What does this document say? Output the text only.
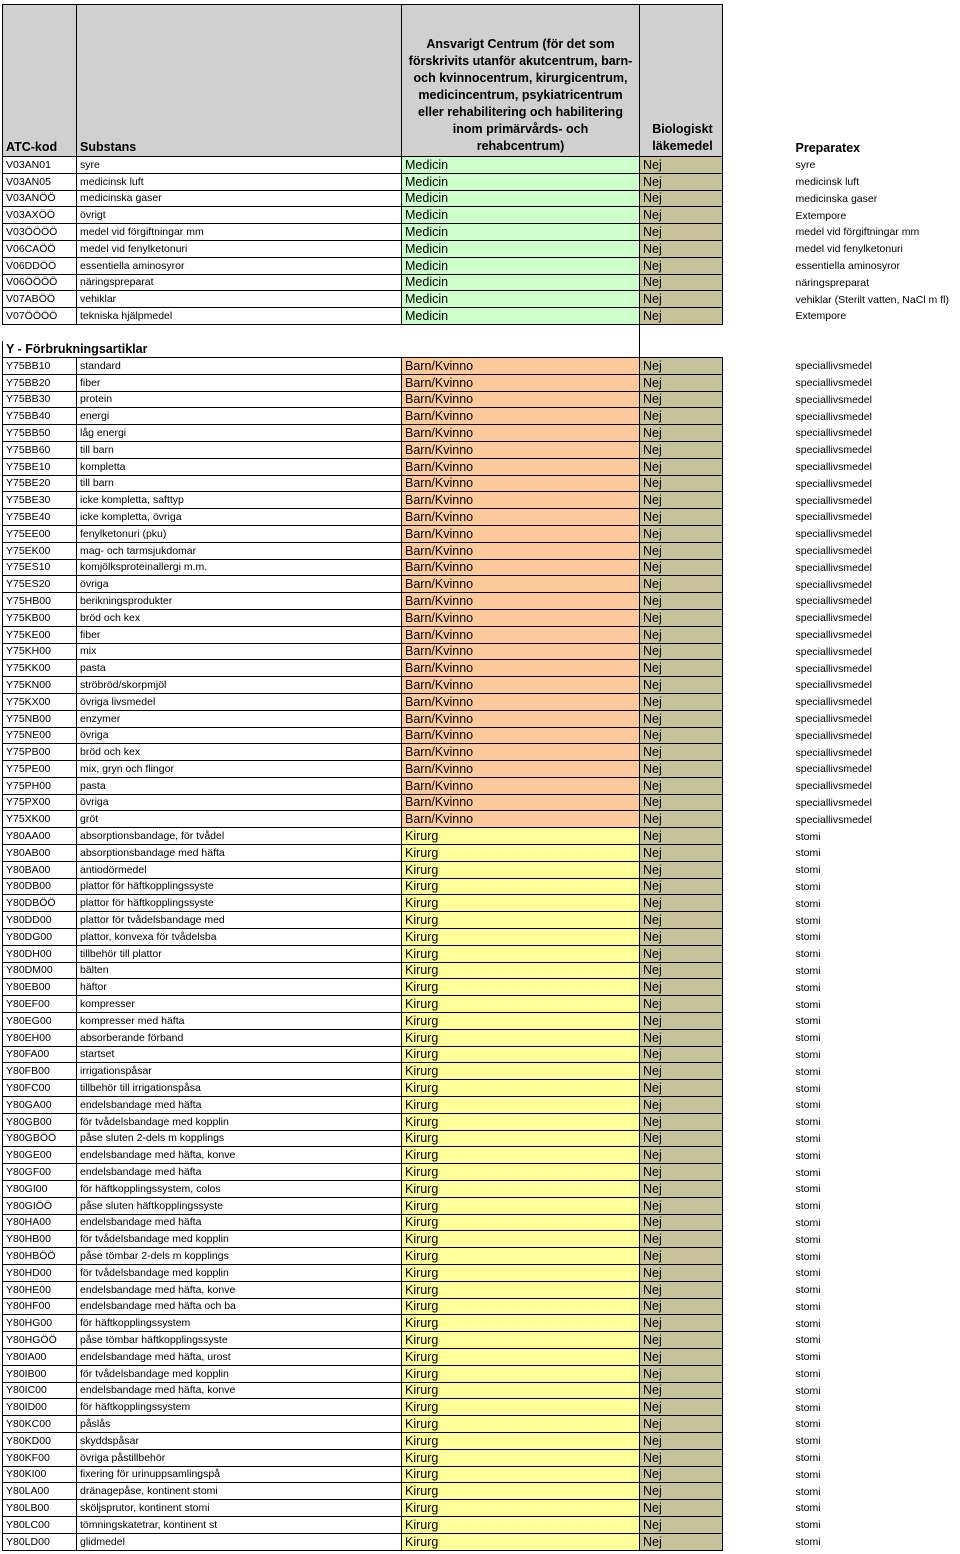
ATC-kod	Substans	Ansvarigt Centrum (för det som förskrivits utanför akutcentrum, barn- och kvinnocentrum, kirurgicentrum, medicincentrum, psykiatricentrum eller rehabilitering och habilitering inom primärvårds- och rehabcentrum)	Biologiskt läkemedel		Preparatex
V03AN01	syre	Medicin	Nej		syre
V03AN05	medicinsk luft	Medicin	Nej		medicinsk luft
V03ANÖÖ	medicinska gaser	Medicin	Nej		medicinska gaser
V03AXÖÖ	övrigt	Medicin	Nej		Extempore
V03ÖÖÖÖ	medel vid förgiftningar mm	Medicin	Nej		medel vid förgiftningar mm
V06CAÖÖ	medel vid fenylketonuri	Medicin	Nej		medel vid fenylketonuri
V06DDÖÖ	essentiella aminosyror	Medicin	Nej		essentiella aminosyror
V06ÖÖÖÖ	näringspreparat	Medicin	Nej		näringspreparat
V07ABÖÖ	vehiklar	Medicin	Nej		vehiklar (Sterilt vatten, NaCl m fl)
V07ÖÖÖÖ	tekniska hjälpmedel	Medicin	Nej		Extempore

Y - Förbrukningsartiklar					
Y75BB10	standard	Barn/Kvinno	Nej		speciallivsmedel
Y75BB20	fiber	Barn/Kvinno	Nej		speciallivsmedel
Y75BB30	protein	Barn/Kvinno	Nej		speciallivsmedel
Y75BB40	energi	Barn/Kvinno	Nej		speciallivsmedel
Y75BB50	låg energi	Barn/Kvinno	Nej		speciallivsmedel
Y75BB60	till barn	Barn/Kvinno	Nej		speciallivsmedel
Y75BE10	kompletta	Barn/Kvinno	Nej		speciallivsmedel
Y75BE20	till barn	Barn/Kvinno	Nej		speciallivsmedel
Y75BE30	icke kompletta, safttyp	Barn/Kvinno	Nej		speciallivsmedel
Y75BE40	icke kompletta, övriga	Barn/Kvinno	Nej		speciallivsmedel
Y75EE00	fenylketonuri (pku)	Barn/Kvinno	Nej		speciallivsmedel
Y75EK00	mag- och tarmsjukdomar	Barn/Kvinno	Nej		speciallivsmedel
Y75ES10	komjölksproteinallergi m.m.	Barn/Kvinno	Nej		speciallivsmedel
Y75ES20	övriga	Barn/Kvinno	Nej		speciallivsmedel
Y75HB00	berikningsprodukter	Barn/Kvinno	Nej		speciallivsmedel
Y75KB00	bröd och kex	Barn/Kvinno	Nej		speciallivsmedel
Y75KE00	fiber	Barn/Kvinno	Nej		speciallivsmedel
Y75KH00	mix	Barn/Kvinno	Nej		speciallivsmedel
Y75KK00	pasta	Barn/Kvinno	Nej		speciallivsmedel
Y75KN00	ströbröd/skorpmjöl	Barn/Kvinno	Nej		speciallivsmedel
Y75KX00	övriga livsmedel	Barn/Kvinno	Nej		speciallivsmedel
Y75NB00	enzymer	Barn/Kvinno	Nej		speciallivsmedel
Y75NE00	övriga	Barn/Kvinno	Nej		speciallivsmedel
Y75PB00	bröd och kex	Barn/Kvinno	Nej		speciallivsmedel
Y75PE00	mix, gryn och flingor	Barn/Kvinno	Nej		speciallivsmedel
Y75PH00	pasta	Barn/Kvinno	Nej		speciallivsmedel
Y75PX00	övriga	Barn/Kvinno	Nej		speciallivsmedel
Y75XK00	gröt	Barn/Kvinno	Nej		speciallivsmedel
Y80AA00	absorptionsbandage, för tvådel	Kirurg	Nej		stomi
Y80AB00	absorptionsbandage med häfta	Kirurg	Nej		stomi
Y80BA00	antiodörmedel	Kirurg	Nej		stomi
Y80DB00	plattor för häftkopplingssyste	Kirurg	Nej		stomi
Y80DBÖÖ	plattor för häftkopplingssyste	Kirurg	Nej		stomi
Y80DD00	plattor för tvådelsbandage med	Kirurg	Nej		stomi
Y80DG00	plattor, konvexa för tvådelsba	Kirurg	Nej		stomi
Y80DH00	tillbehör till plattor	Kirurg	Nej		stomi
Y80DM00	bälten	Kirurg	Nej		stomi
Y80EB00	häftor	Kirurg	Nej		stomi
Y80EF00	kompresser	Kirurg	Nej		stomi
Y80EG00	kompresser med häfta	Kirurg	Nej		stomi
Y80EH00	absorberande förband	Kirurg	Nej		stomi
Y80FA00	startset	Kirurg	Nej		stomi
Y80FB00	irrigationspåsar	Kirurg	Nej		stomi
Y80FC00	tillbehör till irrigationspåsa	Kirurg	Nej		stomi
Y80GA00	endelsbandage med häfta	Kirurg	Nej		stomi
Y80GB00	för tvådelsbandage med kopplin	Kirurg	Nej		stomi
Y80GBÖÖ	påse sluten 2-dels m kopplings	Kirurg	Nej		stomi
Y80GE00	endelsbandage med häfta, konve	Kirurg	Nej		stomi
Y80GF00	endelsbandage med häfta	Kirurg	Nej		stomi
Y80GI00	för häftkopplingssystem, colos	Kirurg	Nej		stomi
Y80GIÖÖ	påse sluten häftkopplingssyste	Kirurg	Nej		stomi
Y80HA00	endelsbandage med häfta	Kirurg	Nej		stomi
Y80HB00	för tvådelsbandage med kopplin	Kirurg	Nej		stomi
Y80HBÖÖ	påse tömbar 2-dels m kopplings	Kirurg	Nej		stomi
Y80HD00	för tvådelsbandage med kopplin	Kirurg	Nej		stomi
Y80HE00	endelsbandage med häfta, konve	Kirurg	Nej		stomi
Y80HF00	endelsbandage med häfta och ba	Kirurg	Nej		stomi
Y80HG00	för häftkopplingssystem	Kirurg	Nej		stomi
Y80HGÖÖ	påse tömbar häftkopplingssyste	Kirurg	Nej		stomi
Y80IA00	endelsbandage med häfta, urost	Kirurg	Nej		stomi
Y80IB00	för tvådelsbandage med kopplin	Kirurg	Nej		stomi
Y80IC00	endelsbandage med häfta, konve	Kirurg	Nej		stomi
Y80ID00	för häftkopplingssystem	Kirurg	Nej		stomi
Y80KC00	påslås	Kirurg	Nej		stomi
Y80KD00	skyddspåsar	Kirurg	Nej		stomi
Y80KF00	övriga påstillbehör	Kirurg	Nej		stomi
Y80KI00	fixering för urinuppsamlingspå	Kirurg	Nej		stomi
Y80LA00	dränagepåse, kontinent stomi	Kirurg	Nej		stomi
Y80LB00	sköljsprutor, kontinent stomi	Kirurg	Nej		stomi
Y80LC00	tömningskatetrar, kontinent st	Kirurg	Nej		stomi
Y80LD00	glidmedel	Kirurg	Nej		stomi
